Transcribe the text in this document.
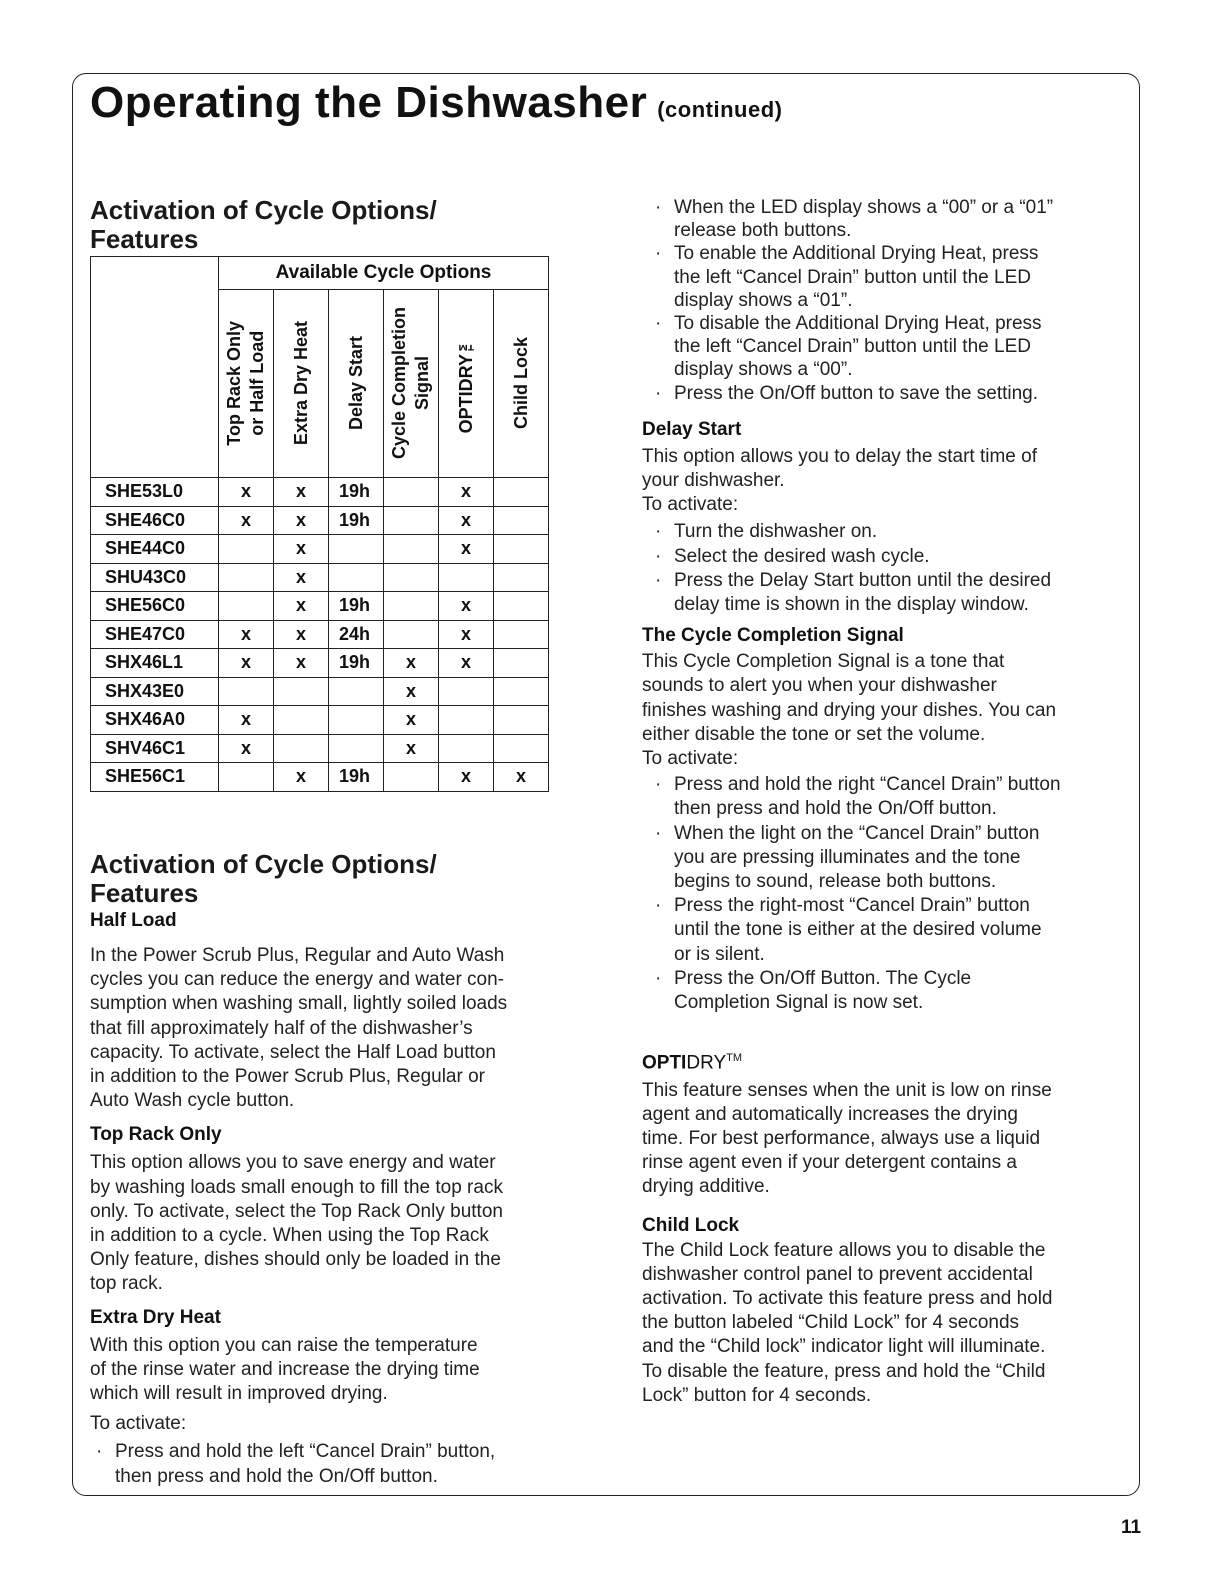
Operating the Dishwasher (continued)
Activation of Cycle Options/
Features
	Available Cycle Options					

	Top Rack Only
or Half Load	Extra Dry Heat	Delay Start	Cycle Completion
Signal	OPTIDRY™	Child Lock

SHE53L0	x	x	19h		x	
SHE46C0	x	x	19h		x	
SHE44C0		x			x	
SHU43C0		x				
SHE56C0		x	19h		x	
SHE47C0	x	x	24h		x	
SHX46L1	x	x	19h	x	x	
SHX43E0				x		
SHX46A0	x			x		
SHV46C1	x			x		
SHE56C1		x	19h		x	x
Activation of Cycle Options/
Features
Half Load
In the Power Scrub Plus, Regular and Auto Wash
cycles you can reduce the energy and water con-
sumption when washing small, lightly soiled loads
that fill approximately half of the dishwasher’s
capacity. To activate, select the Half Load button
in addition to the Power Scrub Plus, Regular or
Auto Wash cycle button.
Top Rack Only
This option allows you to save energy and water
by washing loads small enough to fill the top rack
only. To activate, select the Top Rack Only button
in addition to a cycle. When using the Top Rack
Only feature, dishes should only be loaded in the
top rack.
Extra Dry Heat
With this option you can raise the temperature
of the rinse water and increase the drying time
which will result in improved drying.
To activate:
· Press and hold the left “Cancel Drain” button,
then press and hold the On/Off button.
· When the LED display shows a “00” or a “01”
release both buttons.
· To enable the Additional Drying Heat, press
the left “Cancel Drain” button until the LED
display shows a “01”.
· To disable the Additional Drying Heat, press
the left “Cancel Drain” button until the LED
display shows a “00”.
· Press the On/Off button to save the setting.
Delay Start
This option allows you to delay the start time of
your dishwasher.
To activate:
· Turn the dishwasher on.
· Select the desired wash cycle.
· Press the Delay Start button until the desired
delay time is shown in the display window.
The Cycle Completion Signal
This Cycle Completion Signal is a tone that
sounds to alert you when your dishwasher
finishes washing and drying your dishes. You can
either disable the tone or set the volume.
To activate:
· Press and hold the right “Cancel Drain” button
then press and hold the On/Off button.
· When the light on the “Cancel Drain” button
you are pressing illuminates and the tone
begins to sound, release both buttons.
· Press the right-most “Cancel Drain” button
until the tone is either at the desired volume
or is silent.
· Press the On/Off Button. The Cycle
Completion Signal is now set.
OPTIDRY™
This feature senses when the unit is low on rinse
agent and automatically increases the drying
time. For best performance, always use a liquid
rinse agent even if your detergent contains a
drying additive.
Child Lock
The Child Lock feature allows you to disable the
dishwasher control panel to prevent accidental
activation. To activate this feature press and hold
the button labeled “Child Lock” for 4 seconds
and the “Child lock” indicator light will illuminate.
To disable the feature, press and hold the “Child
Lock” button for 4 seconds.
11
